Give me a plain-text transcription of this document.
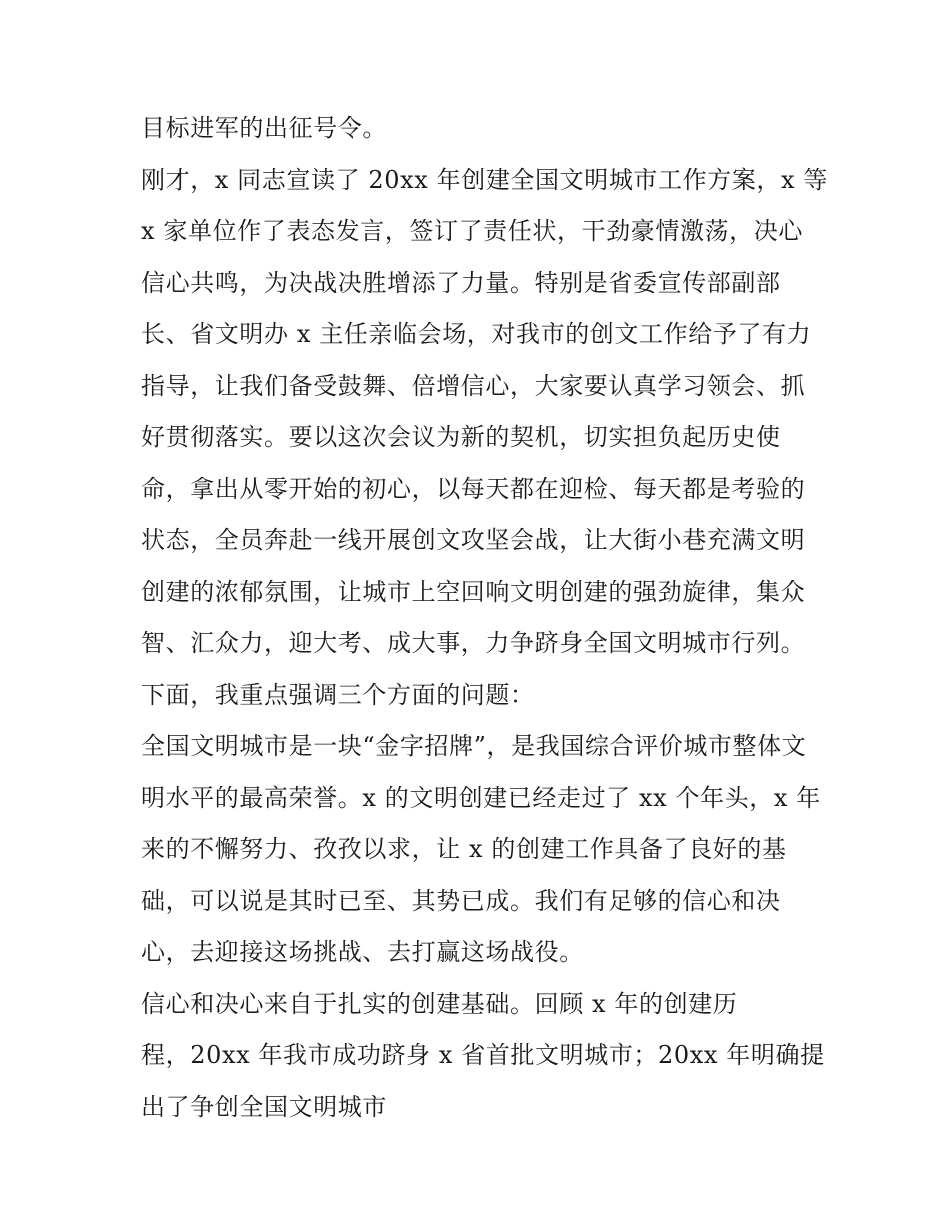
目标进军的出征号令。
刚才，x 同志宣读了 20xx 年创建全国文明城市工作方案，x 等
x 家单位作了表态发言，签订了责任状，干劲豪情激荡，决心
信心共鸣，为决战决胜增添了力量。特别是省委宣传部副部
长、省文明办 x 主任亲临会场，对我市的创文工作给予了有力
指导，让我们备受鼓舞、倍增信心，大家要认真学习领会、抓
好贯彻落实。要以这次会议为新的契机，切实担负起历史使
命，拿出从零开始的初心，以每天都在迎检、每天都是考验的
状态，全员奔赴一线开展创文攻坚会战，让大街小巷充满文明
创建的浓郁氛围，让城市上空回响文明创建的强劲旋律，集众
智、汇众力，迎大考、成大事，力争跻身全国文明城市行列。
下面，我重点强调三个方面的问题：
全国文明城市是一块“金字招牌”，是我国综合评价城市整体文
明水平的最高荣誉。x 的文明创建已经走过了 xx 个年头，x 年
来的不懈努力、孜孜以求，让 x 的创建工作具备了良好的基
础，可以说是其时已至、其势已成。我们有足够的信心和决
心，去迎接这场挑战、去打赢这场战役。
信心和决心来自于扎实的创建基础。回顾 x 年的创建历
程，20xx 年我市成功跻身 x 省首批文明城市；20xx 年明确提
出了争创全国文明城市
